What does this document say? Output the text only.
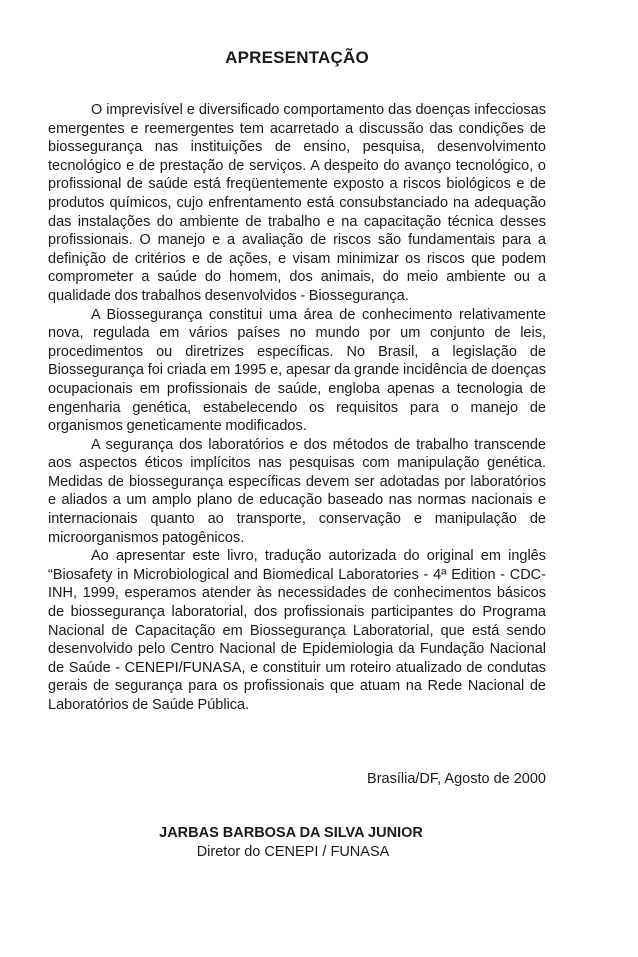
APRESENTAÇÃO

O imprevisível e diversificado comportamento das doenças infecciosas emergentes e reemergentes tem acarretado a discussão das condições de biossegurança nas instituições de ensino, pesquisa, desenvolvimento tecnológico e de prestação de serviços. A despeito do avanço tecnológico, o profissional de saúde está freqüentemente exposto a riscos biológicos e de produtos químicos, cujo enfrentamento está consubstanciado na adequação das instalações do ambiente de trabalho e na capacitação técnica desses profissionais. O manejo e a avaliação de riscos são fundamentais para a definição de critérios e de ações, e visam minimizar os riscos que podem comprometer a saúde do homem, dos animais, do meio ambiente ou a qualidade dos trabalhos desenvolvidos - Biossegurança.

A Biossegurança constitui uma área de conhecimento relativamente nova, regulada em vários países no mundo por um conjunto de leis, procedimentos ou diretrizes específicas. No Brasil, a legislação de Biossegurança foi criada em 1995 e, apesar da grande incidência de doenças ocupacionais em profissionais de saúde, engloba apenas a tecnologia de engenharia genética, estabelecendo os requisitos para o manejo de organismos geneticamente modificados.

A segurança dos laboratórios e dos métodos de trabalho transcende aos aspectos éticos implícitos nas pesquisas com manipulação genética. Medidas de biossegurança específicas devem ser adotadas por laboratórios e aliados a um amplo plano de educação baseado nas normas nacionais e internacionais quanto ao transporte, conservação e manipulação de microorganismos patogênicos.

Ao apresentar este livro, tradução autorizada do original em inglês “Biosafety in Microbiological and Biomedical Laboratories - 4ª Edition - CDC-INH, 1999, esperamos atender às necessidades de conhecimentos básicos de biossegurança laboratorial, dos profissionais participantes do Programa Nacional de Capacitação em Biossegurança Laboratorial, que está sendo desenvolvido pelo Centro Nacional de Epidemiologia da Fundação Nacional de Saúde - CENEPI/FUNASA, e constituir um roteiro atualizado de condutas gerais de segurança para os profissionais que atuam na Rede Nacional de Laboratórios de Saúde Pública.

Brasília/DF, Agosto de 2000

JARBAS BARBOSA DA SILVA JUNIOR

Diretor do CENEPI / FUNASA
